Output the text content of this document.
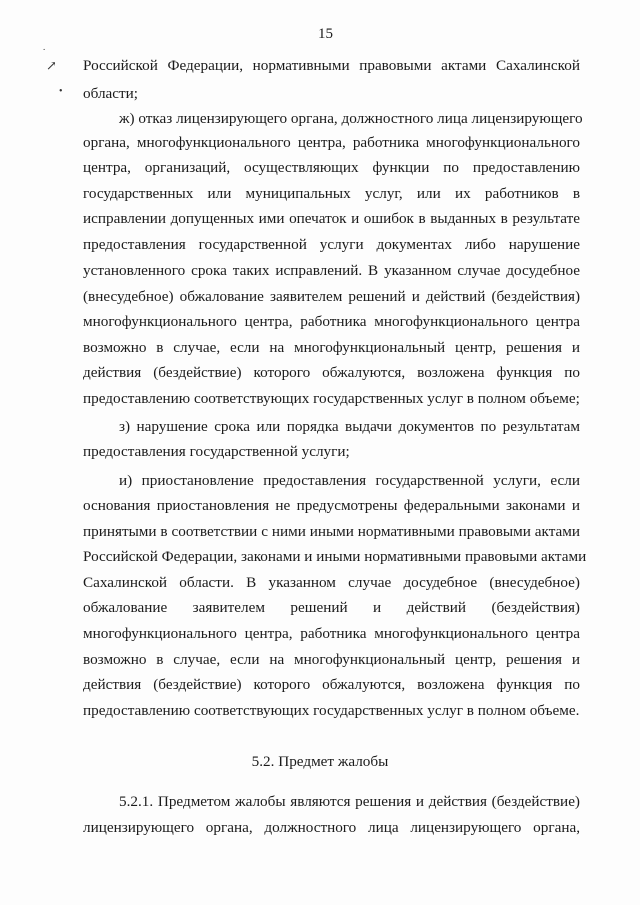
15
.
↗
•
Российской Федерации, нормативными правовыми актами Сахалинской
области;
ж) отказ лицензирующего органа, должностного лица лицензирующего
органа, многофункционального центра, работника многофункционального
центра, организаций, осуществляющих функции по предоставлению
государственных или муниципальных услуг, или их работников в
исправлении допущенных ими опечаток и ошибок в выданных в результате
предоставления государственной услуги документах либо нарушение
установленного срока таких исправлений. В указанном случае досудебное
(внесудебное) обжалование заявителем решений и действий (бездействия)
многофункционального центра, работника многофункционального центра
возможно в случае, если на многофункциональный центр, решения и
действия (бездействие) которого обжалуются, возложена функция по
предоставлению соответствующих государственных услуг в полном объеме;
з) нарушение срока или порядка выдачи документов по результатам
предоставления государственной услуги;
и) приостановление предоставления государственной услуги, если
основания приостановления не предусмотрены федеральными законами и
принятыми в соответствии с ними иными нормативными правовыми актами
Российской Федерации, законами и иными нормативными правовыми актами
Сахалинской области. В указанном случае досудебное (внесудебное)
обжалование заявителем решений и действий (бездействия)
многофункционального центра, работника многофункционального центра
возможно в случае, если на многофункциональный центр, решения и
действия (бездействие) которого обжалуются, возложена функция по
предоставлению соответствующих государственных услуг в полном объеме.
5.2. Предмет жалобы
5.2.1. Предметом жалобы являются решения и действия (бездействие)
лицензирующего органа, должностного лица лицензирующего органа,
